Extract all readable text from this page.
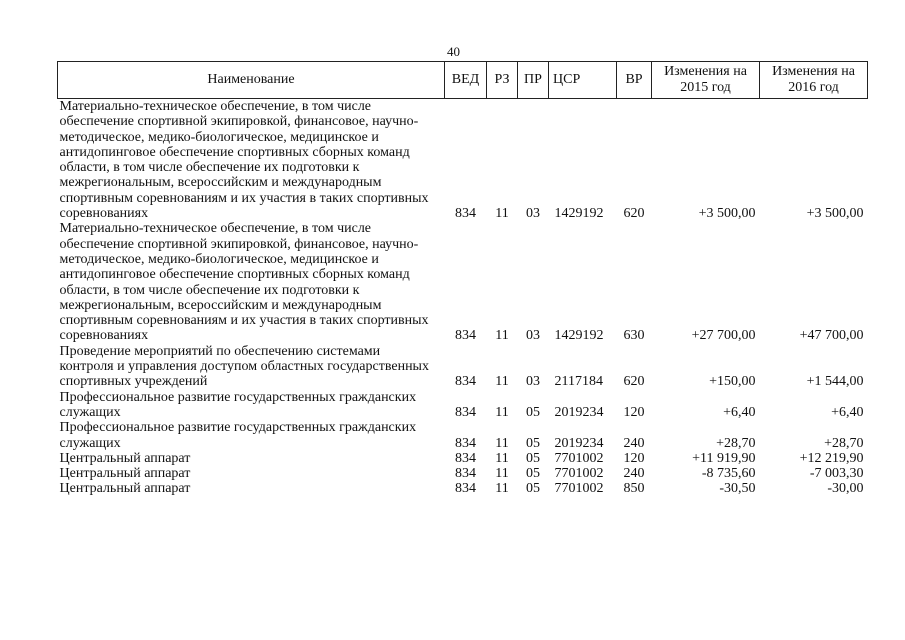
40
Наименование	ВЕД	РЗ	ПР	ЦСР	ВР	Изменения на 2015 год	Изменения на 2016 год
Материально-техническое обеспечение, в том числе обеспечение спортивной экипировкой, финансовое, научно-методическое, медико-биологическое, медицинское и антидопинговое обеспечение спортивных сборных команд области, в том числе обеспечение их подготовки к межрегиональным, всероссийским и международным спортивным соревнованиям и их участия в таких спортивных соревнованиях	834	11	03	1429192	620	+3 500,00	+3 500,00
Материально-техническое обеспечение, в том числе обеспечение спортивной экипировкой, финансовое, научно-методическое, медико-биологическое, медицинское и антидопинговое обеспечение спортивных сборных команд области, в том числе обеспечение их подготовки к межрегиональным, всероссийским и международным спортивным соревнованиям и их участия в таких спортивных соревнованиях	834	11	03	1429192	630	+27 700,00	+47 700,00
Проведение мероприятий по обеспечению системами контроля и управления доступом областных государственных спортивных учреждений	834	11	03	2117184	620	+150,00	+1 544,00
Профессиональное развитие государственных гражданских служащих	834	11	05	2019234	120	+6,40	+6,40
Профессиональное развитие государственных гражданских служащих	834	11	05	2019234	240	+28,70	+28,70
Центральный аппарат	834	11	05	7701002	120	+11 919,90	+12 219,90
Центральный аппарат	834	11	05	7701002	240	-8 735,60	-7 003,30
Центральный аппарат	834	11	05	7701002	850	-30,50	-30,00
